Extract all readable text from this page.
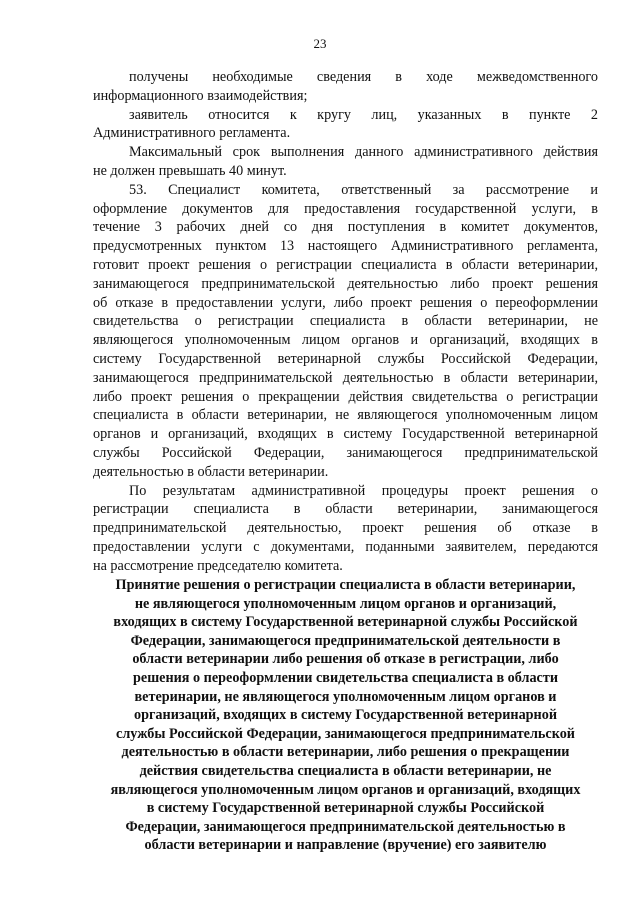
23
получены необходимые сведения в ходе межведомственного
информационного взаимодействия;
заявитель относится к кругу лиц, указанных в пункте 2
Административного регламента.
Максимальный срок выполнения данного административного действия
не должен превышать 40 минут.
53. Специалист комитета, ответственный за рассмотрение и
оформление документов для предоставления государственной услуги, в
течение 3 рабочих дней со дня поступления в комитет документов,
предусмотренных пунктом 13 настоящего Административного регламента,
готовит проект решения о регистрации специалиста в области ветеринарии,
занимающегося предпринимательской деятельностью либо проект решения
об отказе в предоставлении услуги, либо проект решения о переоформлении
свидетельства о регистрации специалиста в области ветеринарии, не
являющегося уполномоченным лицом органов и организаций, входящих в
систему Государственной ветеринарной службы Российской Федерации,
занимающегося предпринимательской деятельностью в области ветеринарии,
либо проект решения о прекращении действия свидетельства о регистрации
специалиста в области ветеринарии, не являющегося уполномоченным лицом
органов и организаций, входящих в систему Государственной ветеринарной
службы Российской Федерации, занимающегося предпринимательской
деятельностью в области ветеринарии.
По результатам административной процедуры проект решения о
регистрации специалиста в области ветеринарии, занимающегося
предпринимательской деятельностью, проект решения об отказе в
предоставлении услуги с документами, поданными заявителем, передаются
на рассмотрение председателю комитета.
Принятие решения о регистрации специалиста в области ветеринарии,
не являющегося уполномоченным лицом органов и организаций,
входящих в систему Государственной ветеринарной службы Российской
Федерации, занимающегося предпринимательской деятельности в
области ветеринарии либо решения об отказе в регистрации, либо
решения о переоформлении свидетельства специалиста в области
ветеринарии, не являющегося уполномоченным лицом органов и
организаций, входящих в систему Государственной ветеринарной
службы Российской Федерации, занимающегося предпринимательской
деятельностью в области ветеринарии, либо решения о прекращении
действия свидетельства специалиста в области ветеринарии, не
являющегося уполномоченным лицом органов и организаций, входящих
в систему Государственной ветеринарной службы Российской
Федерации, занимающегося предпринимательской деятельностью в
области ветеринарии и направление (вручение) его заявителю
